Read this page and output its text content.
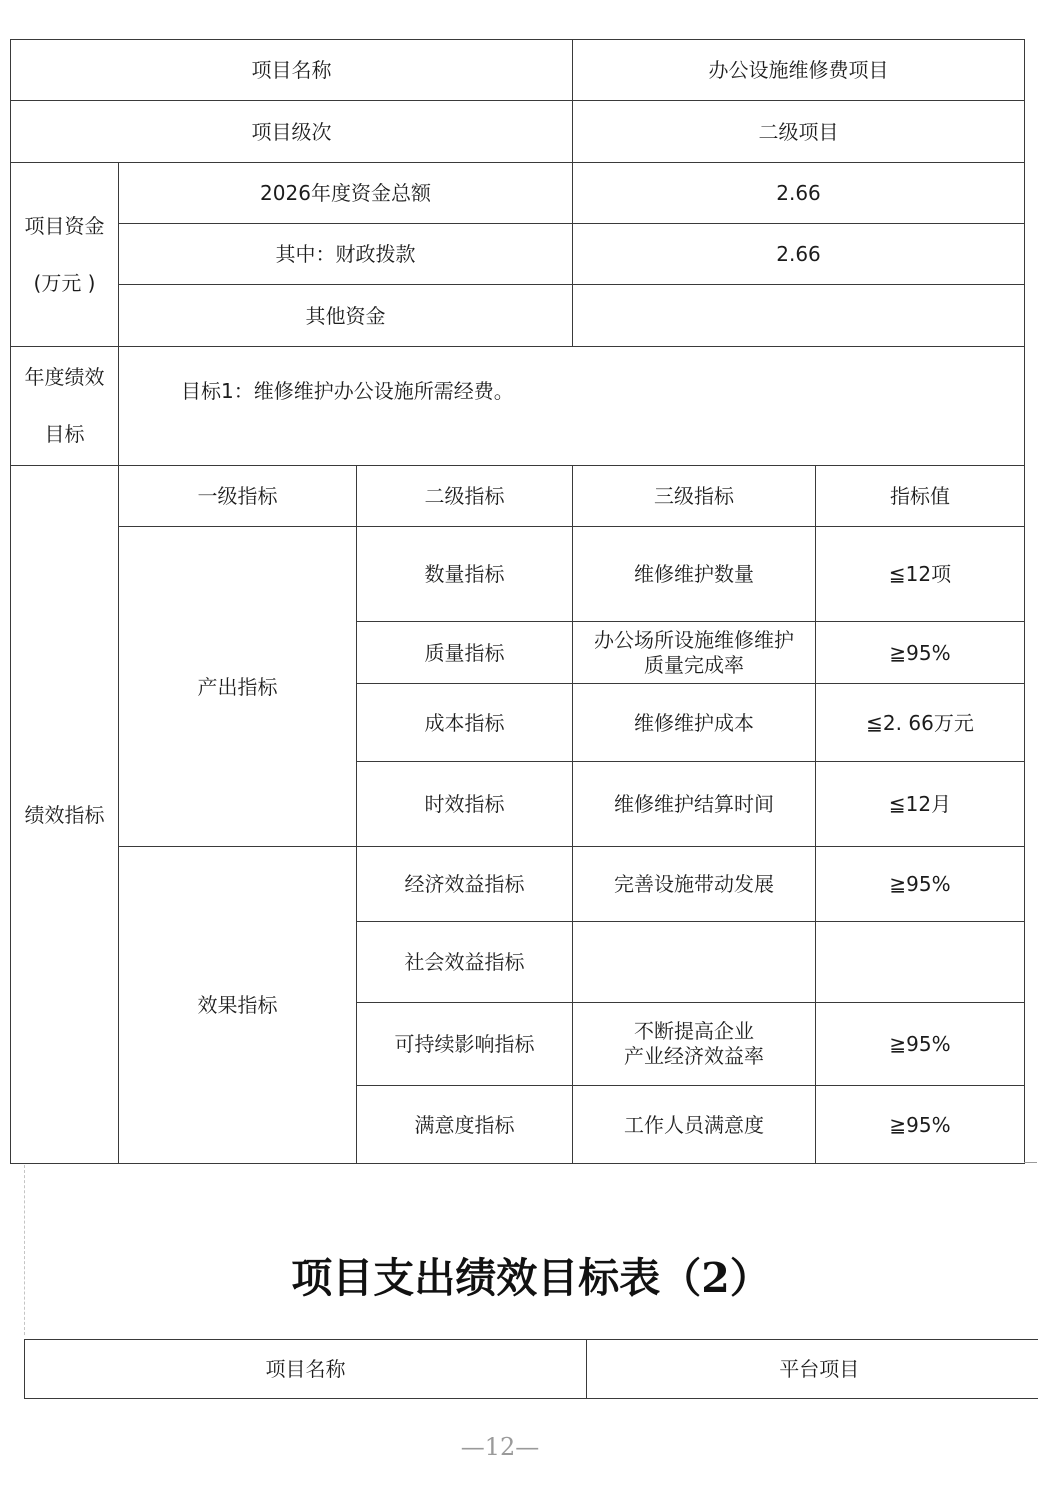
项目名称			办公设施维修费项目	
项目级次			二级项目	

项目资金
(万元 )	2026年度资金总额		2.66	
	其中：财政拨款		2.66	
	其他资金			

年度绩效
目标	目标1：维修维护办公设施所需经费。			
绩效指标	一级指标	二级指标	三级指标	指标值
	产出指标	数量指标	维修维护数量	≦12项
		质量指标	办公场所设施维修维护
质量完成率	≧95%
		成本指标	维修维护成本	≦2. 66万元
		时效指标	维修维护结算时间	≦12月
	效果指标	经济效益指标	完善设施带动发展	≧95%
		社会效益指标		
		可持续影响指标	不断提高企业
产业经济效益率	≧95%
		满意度指标	工作人员满意度	≧95%
项目支出绩效目标表（2）
项目名称	平台项目
—12—
